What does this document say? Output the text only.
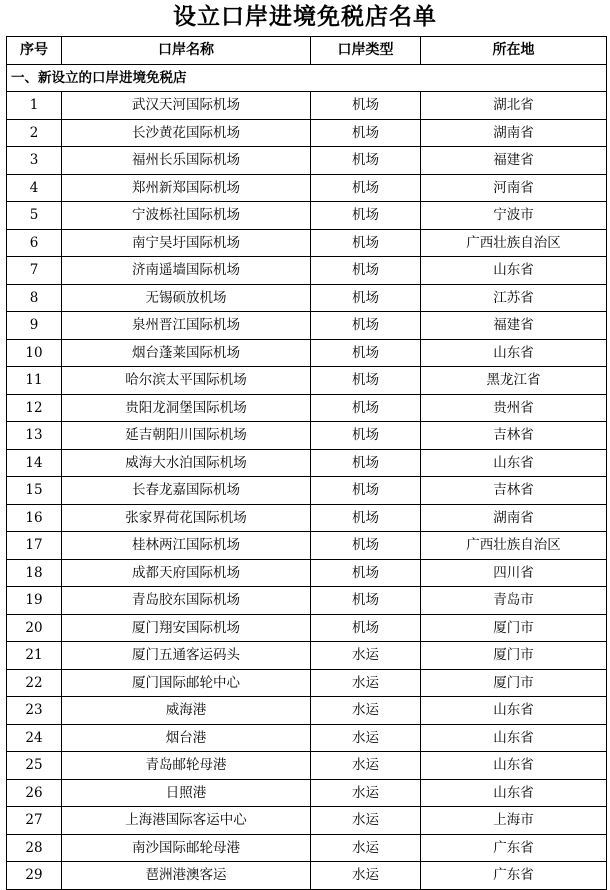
设立口岸进境免税店名单
序号	口岸名称	口岸类型	所在地
一、新设立的口岸进境免税店			
1	武汉天河国际机场	机场	湖北省
2	长沙黄花国际机场	机场	湖南省
3	福州长乐国际机场	机场	福建省
4	郑州新郑国际机场	机场	河南省
5	宁波栎社国际机场	机场	宁波市
6	南宁吴圩国际机场	机场	广西壮族自治区
7	济南遥墙国际机场	机场	山东省
8	无锡硕放机场	机场	江苏省
9	泉州晋江国际机场	机场	福建省
10	烟台蓬莱国际机场	机场	山东省
11	哈尔滨太平国际机场	机场	黑龙江省
12	贵阳龙洞堡国际机场	机场	贵州省
13	延吉朝阳川国际机场	机场	吉林省
14	威海大水泊国际机场	机场	山东省
15	长春龙嘉国际机场	机场	吉林省
16	张家界荷花国际机场	机场	湖南省
17	桂林两江国际机场	机场	广西壮族自治区
18	成都天府国际机场	机场	四川省
19	青岛胶东国际机场	机场	青岛市
20	厦门翔安国际机场	机场	厦门市
21	厦门五通客运码头	水运	厦门市
22	厦门国际邮轮中心	水运	厦门市
23	威海港	水运	山东省
24	烟台港	水运	山东省
25	青岛邮轮母港	水运	山东省
26	日照港	水运	山东省
27	上海港国际客运中心	水运	上海市
28	南沙国际邮轮母港	水运	广东省
29	琶洲港澳客运	水运	广东省
